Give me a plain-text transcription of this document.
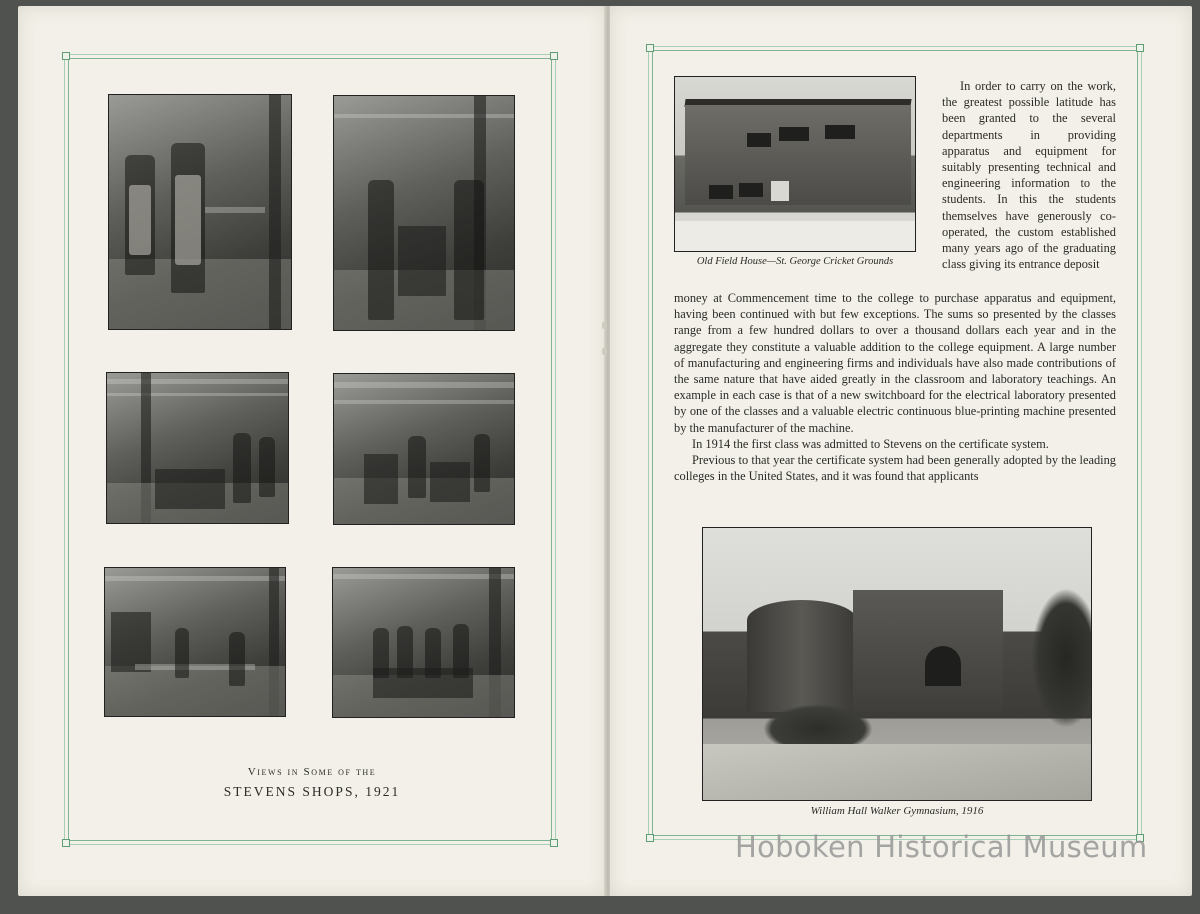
Views in Some of the
STEVENS SHOPS, 1921
Old Field House—St. George Cricket Grounds

In order to carry on the work, the greatest possible latitude has been granted to the several departments in providing apparatus and equipment for suitably presenting technical and engineering information to the students. In this the students themselves have generously co-operated, the custom established many years ago of the graduating class giving its entrance deposit

money at Commencement time to the college to purchase apparatus and equipment, having been continued with but few exceptions. The sums so presented by the classes range from a few hundred dollars to over a thousand dollars each year and in the aggregate they constitute a valuable addition to the college equipment. A large number of manufacturing and engineering firms and individuals have also made contributions of the same nature that have aided greatly in the classroom and laboratory teachings. An example in each case is that of a new switchboard for the electrical laboratory presented by one of the classes and a valuable electric continuous blue-printing machine presented by the manufacturer of the machine.

In 1914 the first class was admitted to Stevens on the certificate system.

Previous to that year the certificate system had been generally adopted by the leading colleges in the United States, and it was found that applicants

William Hall Walker Gymnasium, 1916
Hoboken Historical Museum
